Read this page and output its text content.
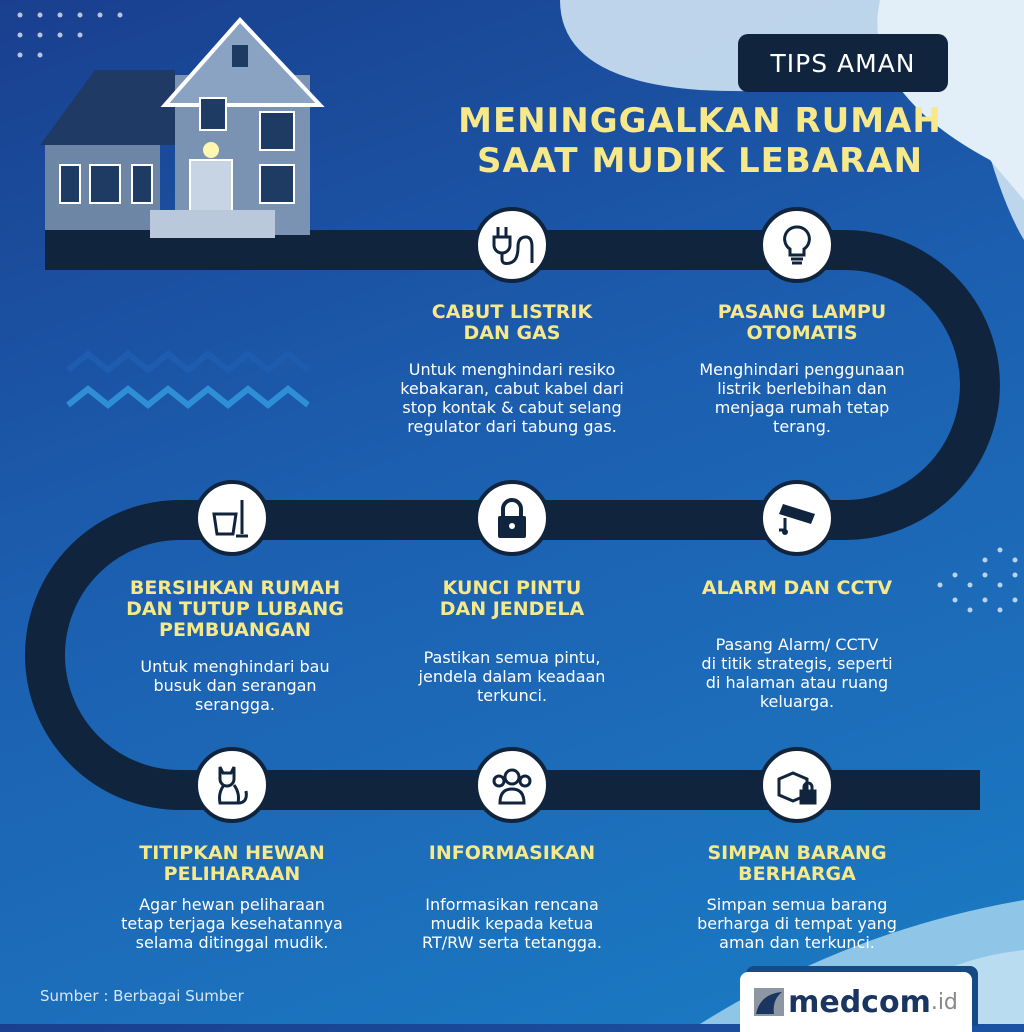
TIPS AMAN
MENINGGALKAN RUMAH
SAAT MUDIK LEBARAN
CABUT LISTRIK
DAN GAS

Untuk menghindari resiko
kebakaran, cabut kabel dari
stop kontak & cabut selang
regulator dari tabung gas.

PASANG LAMPU
OTOMATIS

Menghindari penggunaan
listrik berlebihan dan
menjaga rumah tetap
terang.

BERSIHKAN RUMAH
DAN TUTUP LUBANG
PEMBUANGAN

Untuk menghindari bau
busuk dan serangan
serangga.

KUNCI PINTU
DAN JENDELA

Pastikan semua pintu,
jendela dalam keadaan
terkunci.

ALARM DAN CCTV

Pasang Alarm/ CCTV
di titik strategis, seperti
di halaman atau ruang
keluarga.

TITIPKAN HEWAN
PELIHARAAN

Agar hewan peliharaan
tetap terjaga kesehatannya
selama ditinggal mudik.

INFORMASIKAN

Informasikan rencana
mudik kepada ketua
RT/RW serta tetangga.

SIMPAN BARANG
BERHARGA

Simpan semua barang
berharga di tempat yang
aman dan terkunci.

Sumber : Berbagai Sumber	medcom .id
